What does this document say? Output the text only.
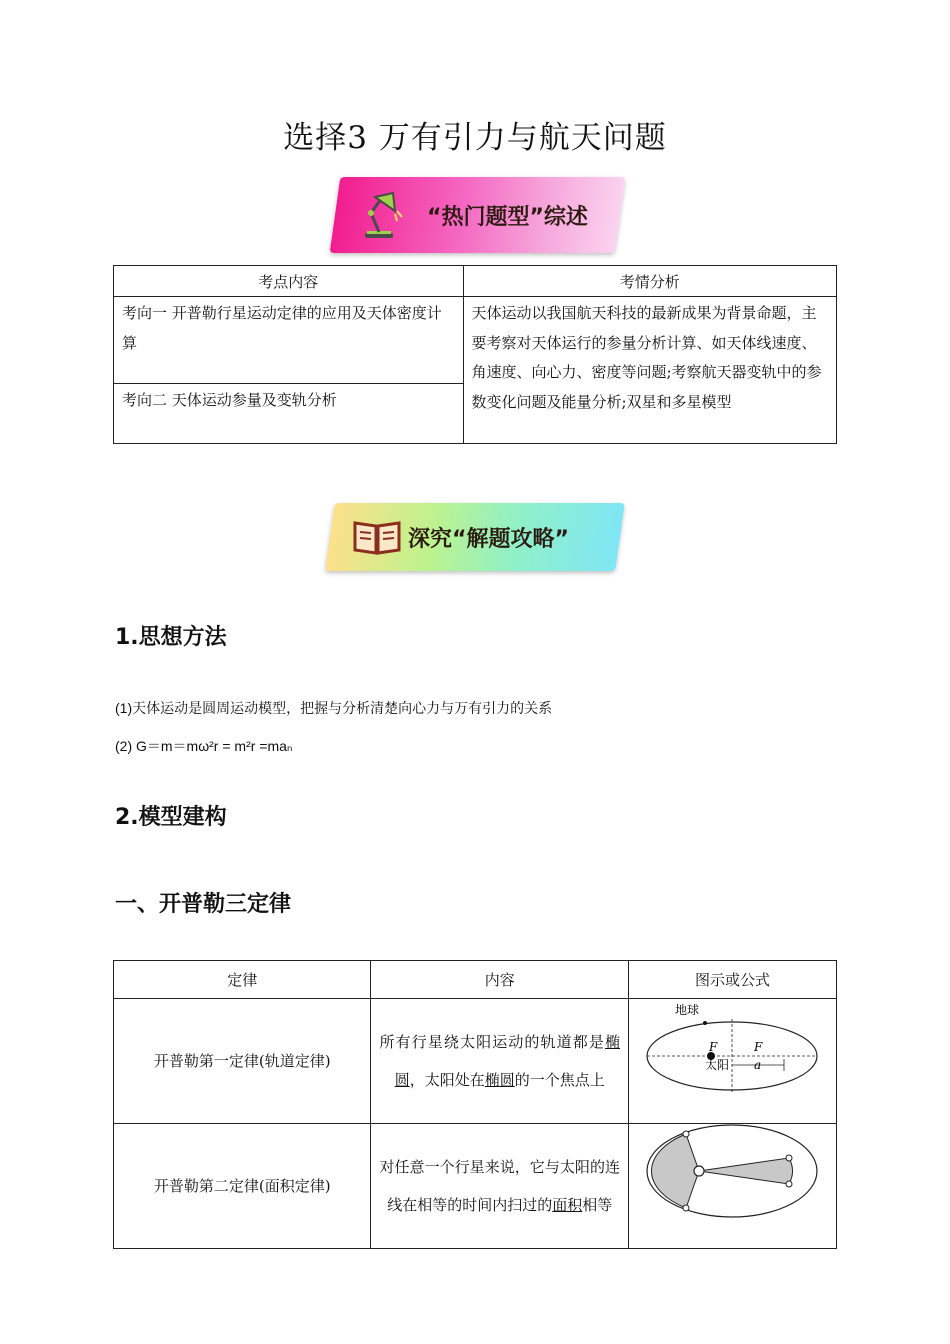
选择3 万有引力与航天问题
“热门题型”综述
考点内容	考情分析
考向一 开普勒行星运动定律的应用及天体密度计算	天体运动以我国航天科技的最新成果为背景命题，主要考察对天体运行的参量分析计算、如天体线速度、角速度、向心力、密度等问题;考察航天器变轨中的参数变化问题及能量分析;双星和多星模型
考向二 天体运动参量及变轨分析	
深究“解题攻略”
1.思想方法
(1)天体运动是圆周运动模型，把握与分析清楚向心力与万有引力的关系
(2) G＝m＝mω²r = m²r =maₙ
2.模型建构
一、开普勒三定律
定律	内容	图示或公式
开普勒第一定律(轨道定律)	所有行星绕太阳运动的轨道都是椭圆，太阳处在椭圆的一个焦点上	地球
F F
太阳 a

开普勒第二定律(面积定律)	对任意一个行星来说，它与太阳的连线在相等的时间内扫过的面积相等	
